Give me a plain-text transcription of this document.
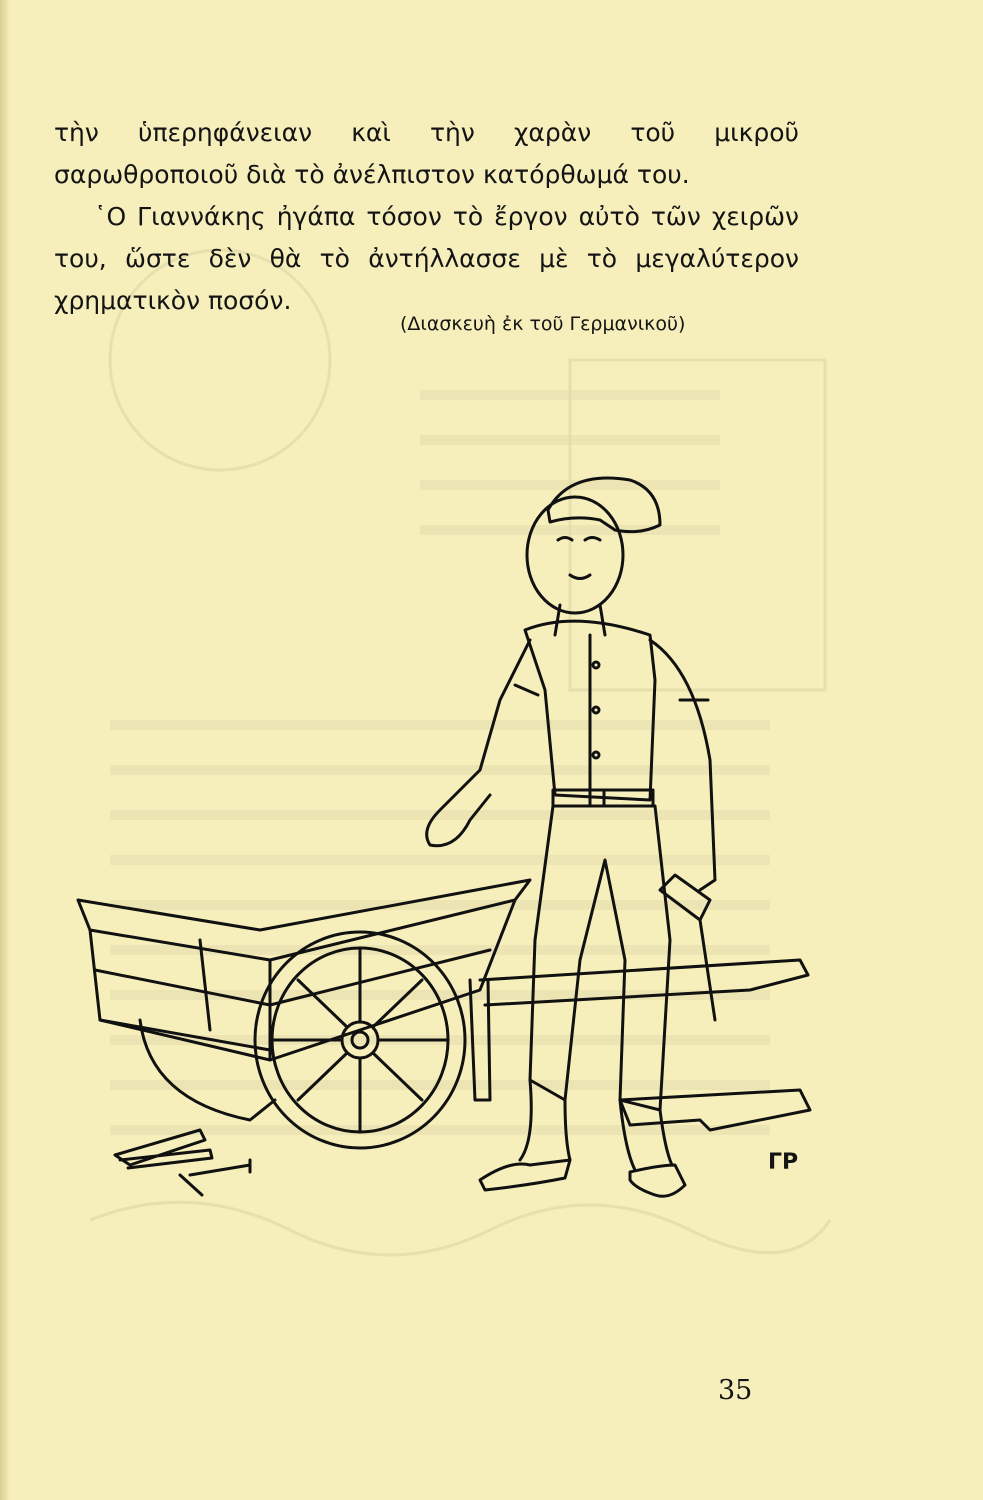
τὴν ὑπερηφάνειαν καὶ τὴν χαρὰν τοῦ μικροῦ σαρωθροποιοῦ διὰ τὸ ἀνέλπιστον κατόρθωμά του.

῾Ο Γιαννάκης ἠγάπα τόσον τὸ ἔργον αὐτὸ τῶν χειρῶν του, ὥστε δὲν θὰ τὸ ἀντήλλασσε μὲ τὸ μεγαλύτερον χρηματικὸν ποσόν.

(Διασκευὴ ἐκ τοῦ Γερμανικοῦ)
ΓΡ
35
